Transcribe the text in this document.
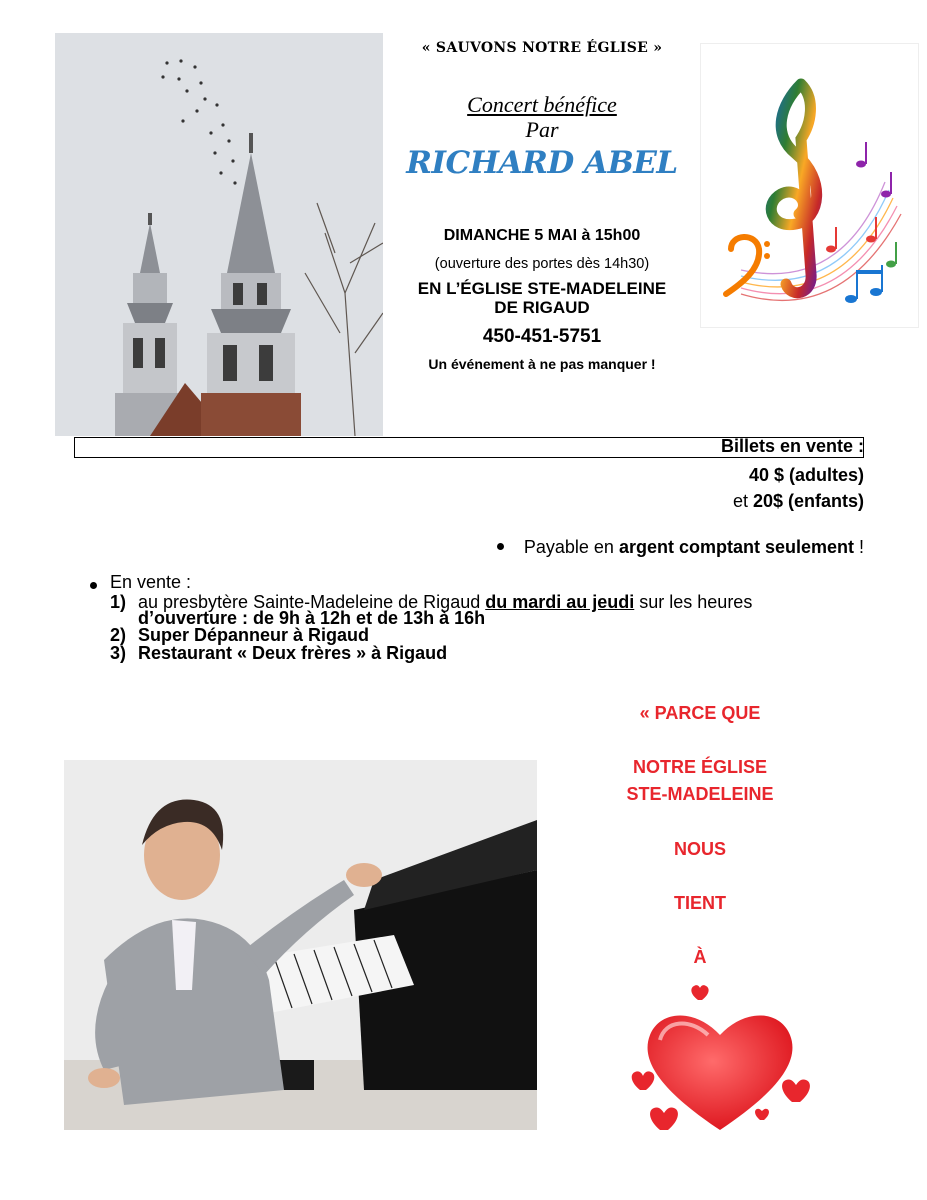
« SAUVONS NOTRE ÉGLISE »
Concert bénéfice
Par
RICHARD ABEL
DIMANCHE 5 MAI à 15h00
(ouverture des portes dès 14h30)
EN L’ÉGLISE STE-MADELEINE
DE RIGAUD
450-451-5751
Un événement à ne pas manquer !
Billets en vente :
40 $ (adultes)
et 20$ (enfants)
Payable en argent comptant seulement !
En vente :
1) au presbytère Sainte-Madeleine de Rigaud du mardi au jeudi sur les heures
d’ouverture : de 9h à 12h et de 13h à 16h
2) Super Dépanneur à Rigaud
3) Restaurant « Deux frères » à Rigaud
« PARCE QUE
NOTRE ÉGLISE
STE-MADELEINE
NOUS
TIENT
À
